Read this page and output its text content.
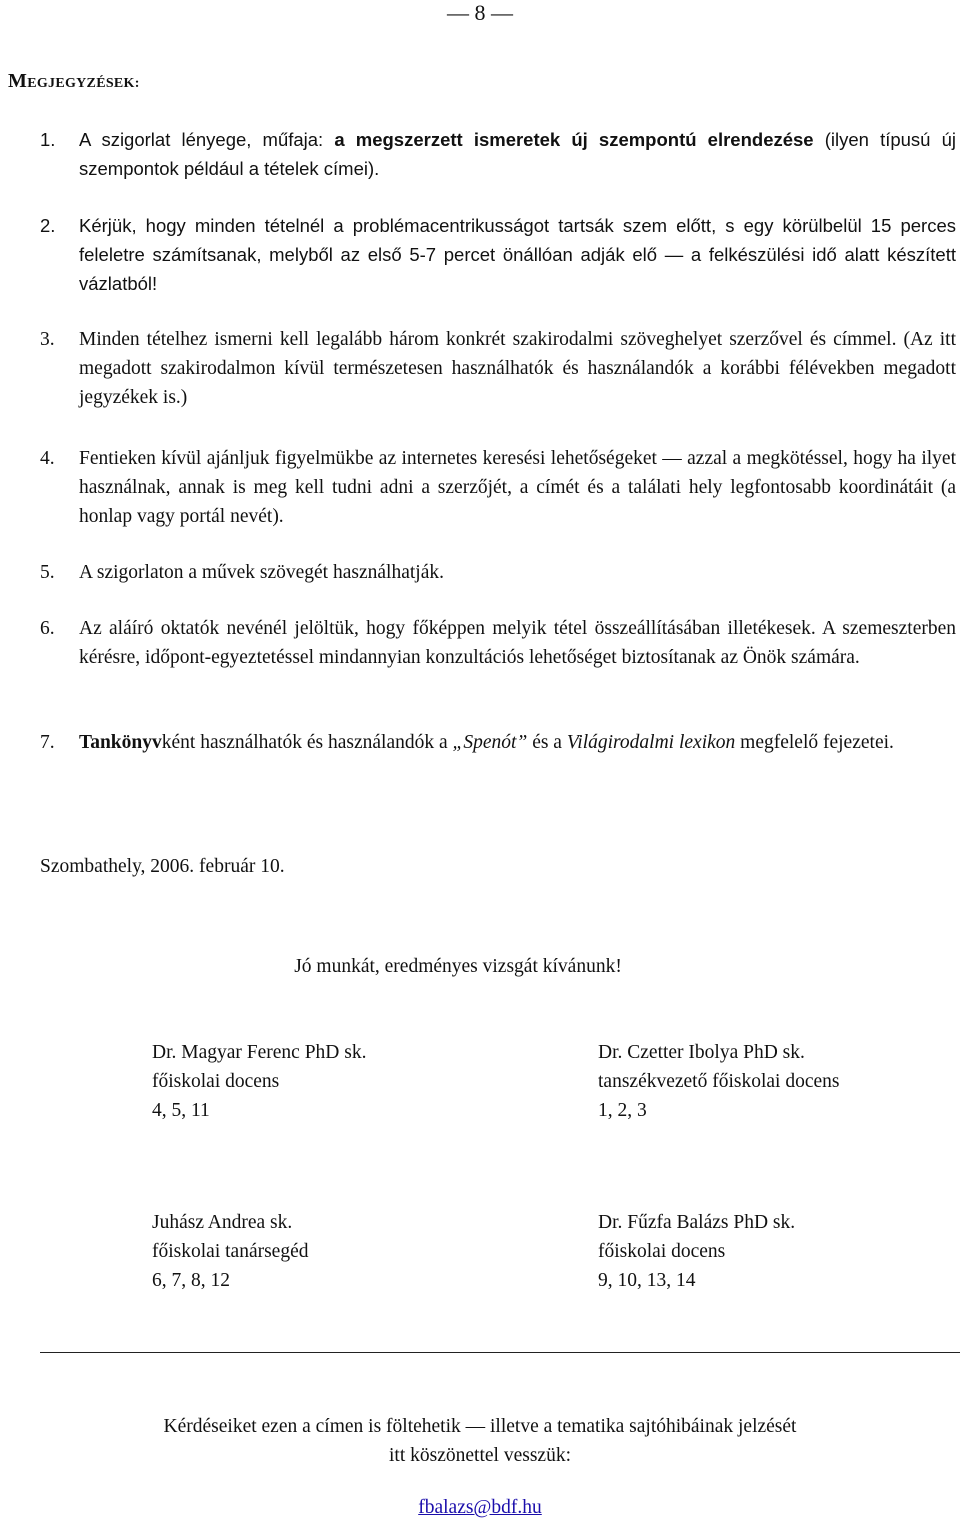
— 8 —
MEGJEGYZÉSEK:
1. A szigorlat lényege, műfaja: a megszerzett ismeretek új szempontú elrendezése (ilyen típusú új szempontok például a tételek címei).
2. Kérjük, hogy minden tételnél a problémacentrikusságot tartsák szem előtt, s egy körülbelül 15 perces feleletre számítsanak, melyből az első 5-7 percet önállóan adják elő — a felkészülési idő alatt készített vázlatból!
3. Minden tételhez ismerni kell legalább három konkrét szakirodalmi szöveghelyet szerzővel és címmel. (Az itt megadott szakirodalmon kívül természetesen használhatók és használandók a korábbi félévekben megadott jegyzékek is.)
4. Fentieken kívül ajánljuk figyelmükbe az internetes keresési lehetőségeket — azzal a megkötéssel, hogy ha ilyet használnak, annak is meg kell tudni adni a szerzőjét, a címét és a találati hely legfontosabb koordinátáit (a honlap vagy portál nevét).
5. A szigorlaton a művek szövegét használhatják.
6. Az aláíró oktatók nevénél jelöltük, hogy főképpen melyik tétel összeállításában illetékesek. A szemeszterben kérésre, időpont-egyeztetéssel mindannyian konzultációs lehetőséget biztosítanak az Önök számára.
7. Tankönyvként használhatók és használandók a „Spenót” és a Világirodalmi lexikon megfelelő fejezetei.
Szombathely, 2006. február 10.
Jó munkát, eredményes vizsgát kívánunk!
Dr. Magyar Ferenc PhD sk.
főiskolai docens
4, 5, 11
Dr. Czetter Ibolya PhD sk.
tanszékvezető főiskolai docens
1, 2, 3
Juhász Andrea sk.
főiskolai tanársegéd
6, 7, 8, 12
Dr. Fűzfa Balázs PhD sk.
főiskolai docens
9, 10, 13, 14
Kérdéseiket ezen a címen is föltehetik — illetve a tematika sajtóhibáinak jelzését
itt köszönettel vesszük:
fbalazs@bdf.hu
